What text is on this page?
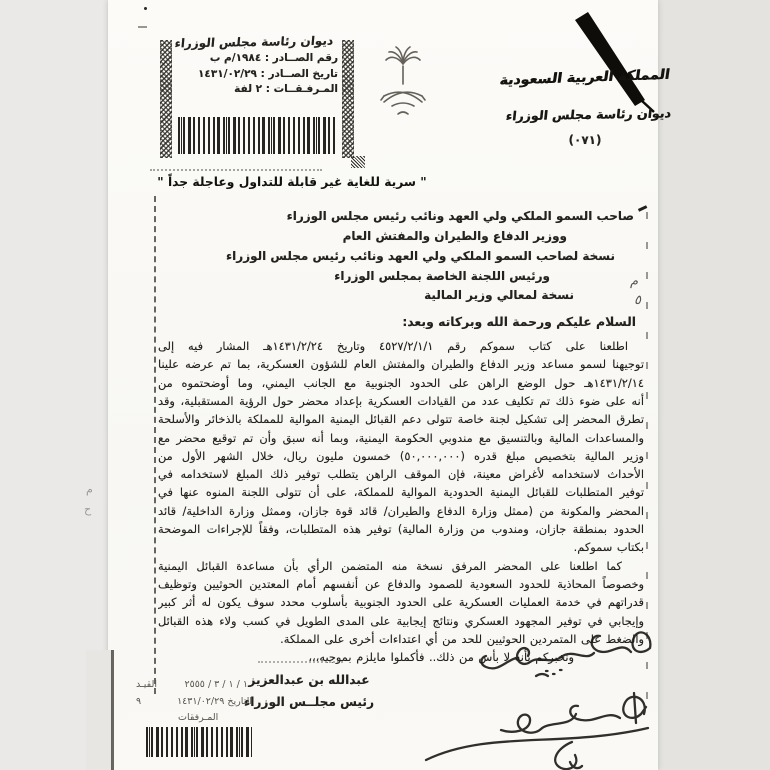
ديوان رئاسة مجلس الوزراء
رقم الصــادر : ١٩٨٤/م ب
تاريخ الصــادر : ١٤٣١/٠٢/٢٩
المـرفـقــات : ٢ لفة
المملكة العربية السعودية
ديوان رئاسة مجلس الوزراء
(٠٧١)
" سرية للغاية غير قابلة للتداول وعاجلة جداً "
صاحب السمو الملكي ولي العهد ونائب رئيس مجلس الوزراء
ووزير الدفاع والطيران والمفتش العام
نسخة لصاحب السمو الملكي ولي العهد ونائب رئيس مجلس الوزراء
ورئيس اللجنة الخاصة بمجلس الوزراء
نسخة لمعالي وزير المالية
م
٥
السلام عليكم ورحمة الله وبركاته وبعد:
اطلعنا على كتاب سموكم رقم ٤٥٢٧/٢/١/١ وتاريخ ١٤٣١/٢/٢٤هـ المشار فيه إلى
توجيهنا لسمو مساعد وزير الدفاع والطيران والمفتش العام للشؤون العسكرية، بما تم عرضه علينا
١٤٣١/٢/١٤هـ حول الوضع الراهن على الحدود الجنوبية مع الجانب اليمني، وما أوضحتموه من
أنه على ضوء ذلك تم تكليف عدد من القيادات العسكرية بإعداد محضر حول الرؤية المستقبلية، وقد
تطرق المحضر إلى تشكيل لجنة خاصة تتولى دعم القبائل اليمنية الموالية للمملكة بالذخائر والأسلحة
والمساعدات المالية وبالتنسيق مع مندوبي الحكومة اليمنية، وبما أنه سبق وأن تم توقيع محضر مع
وزير المالية بتخصيص مبلغ قدره (٥٠,٠٠٠,٠٠٠) خمسون مليون ريال، خلال الشهر الأول من
الأحداث لاستخدامه لأغراض معينة، فإن الموقف الراهن يتطلب توفير ذلك المبلغ لاستخدامه في
توفير المتطلبات للقبائل اليمنية الحدودية الموالية للمملكة، على أن تتولى اللجنة المنوه عنها في
المحضر والمكونة من (ممثل وزارة الدفاع والطيران/ قائد قوة جازان، وممثل وزارة الداخلية/ قائد
الحدود بمنطقة جازان، ومندوب من وزارة المالية) توفير هذه المتطلبات، وفقاً للإجراءات الموضحة
بكتاب سموكم.
كما اطلعنا على المحضر المرفق نسخة منه المتضمن الرأي بأن مساعدة القبائل اليمنية
وخصوصاً المحاذية للحدود السعودية للصمود والدفاع عن أنفسهم أمام المعتدين الحوثيين وتوظيف
قدراتهم في خدمة العمليات العسكرية على الحدود الجنوبية بأسلوب محدد سوف يكون له أثر كبير
وإيجابي في توفير المجهود العسكري ونتائج إيجابية على المدى الطويل في كسب ولاء هذه القبائل
والضغط على المتمردين الحوثيين للحد من أي اعتداءات أخرى على المملكة.
ونخبركم بأنه لا بأس من ذلك.. فأكملوا مايلزم بموجبه،،،
م
ح
عبدالله بن عبدالعزيز
رئيس مجلــس الوزراء
القيـد	١ / ١ / ٣ / ٢٥٥٥
التاريخ ١٤٣١/٠٢/٢٩
٩
المـرفقات
